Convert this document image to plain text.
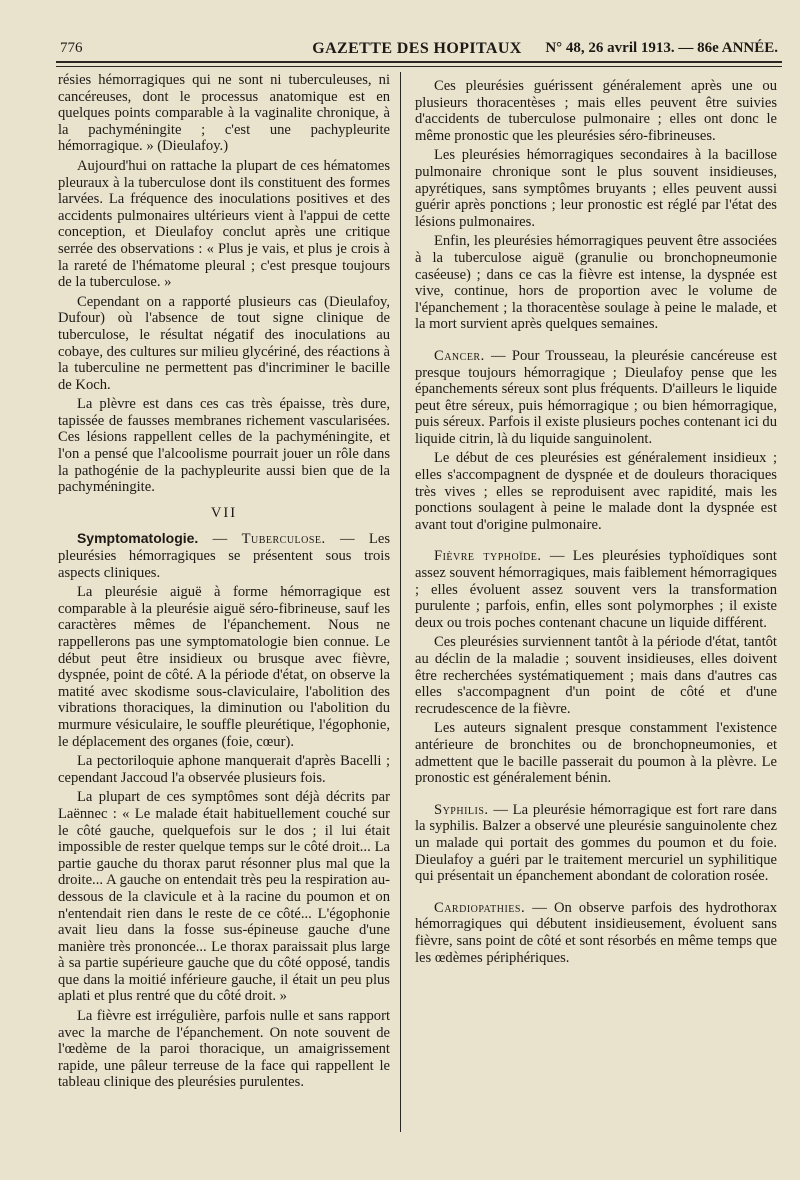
776	GAZETTE DES HOPITAUX	N° 48, 26 avril 1913. — 86e ANNÉE.

résies hémorragiques qui ne sont ni tuberculeuses, ni cancéreuses, dont le processus anatomique est en quelques points comparable à la vaginalite chronique, à la pachyméningite ; c'est une pachypleurite hémorragique. » (Dieulafoy.)

Aujourd'hui on rattache la plupart de ces hématomes pleuraux à la tuberculose dont ils constituent des formes larvées. La fréquence des inoculations positives et des accidents pulmonaires ultérieurs vient à l'appui de cette conception, et Dieulafoy conclut après une critique serrée des observations : « Plus je vais, et plus je crois à la rareté de l'hématome pleural ; c'est presque toujours de la tuberculose. »

Cependant on a rapporté plusieurs cas (Dieulafoy, Dufour) où l'absence de tout signe clinique de tuberculose, le résultat négatif des inoculations au cobaye, des cultures sur milieu glycériné, des réactions à la tuberculine ne permettent pas d'incriminer le bacille de Koch.

La plèvre est dans ces cas très épaisse, très dure, tapissée de fausses membranes richement vascularisées. Ces lésions rappellent celles de la pachyméningite, et l'on a pensé que l'alcoolisme pourrait jouer un rôle dans la pathogénie de la pachypleurite aussi bien que de la pachyméningite.

VII

Symptomatologie. — Tuberculose. — Les pleurésies hémorragiques se présentent sous trois aspects cliniques.

La pleurésie aiguë à forme hémorragique est comparable à la pleurésie aiguë séro-fibrineuse, sauf les caractères mêmes de l'épanchement. Nous ne rappellerons pas une symptomatologie bien connue. Le début peut être insidieux ou brusque avec fièvre, dyspnée, point de côté. A la période d'état, on observe la matité avec skodisme sous-claviculaire, l'abolition des vibrations thoraciques, la diminution ou l'abolition du murmure vésiculaire, le souffle pleurétique, l'égophonie, le déplacement des organes (foie, cœur).

La pectoriloquie aphone manquerait d'après Bacelli ; cependant Jaccoud l'a observée plusieurs fois.

La plupart de ces symptômes sont déjà décrits par Laënnec : « Le malade était habituellement couché sur le côté gauche, quelquefois sur le dos ; il lui était impossible de rester quelque temps sur le côté droit... La partie gauche du thorax parut résonner plus mal que la droite... A gauche on entendait très peu la respiration au-dessous de la clavicule et à la racine du poumon et on n'entendait rien dans le reste de ce côté... L'égophonie avait lieu dans la fosse sus-épineuse gauche d'une manière très prononcée... Le thorax paraissait plus large à sa partie supérieure gauche que du côté opposé, tandis que dans la moitié inférieure gauche, il était un peu plus aplati et plus rentré que du côté droit. »

La fièvre est irrégulière, parfois nulle et sans rapport avec la marche de l'épanchement. On note souvent de l'œdème de la paroi thoracique, un amaigrissement rapide, une pâleur terreuse de la face qui rappellent le tableau clinique des pleurésies purulentes.

Ces pleurésies guérissent généralement après une ou plusieurs thoracentèses ; mais elles peuvent être suivies d'accidents de tuberculose pulmonaire ; elles ont donc le même pronostic que les pleurésies séro-fibrineuses.

Les pleurésies hémorragiques secondaires à la bacillose pulmonaire chronique sont le plus souvent insidieuses, apyrétiques, sans symptômes bruyants ; elles peuvent aussi guérir après ponctions ; leur pronostic est réglé par l'état des lésions pulmonaires.

Enfin, les pleurésies hémorragiques peuvent être associées à la tuberculose aiguë (granulie ou bronchopneumonie caséeuse) ; dans ce cas la fièvre est intense, la dyspnée est vive, continue, hors de proportion avec le volume de l'épanchement ; la thoracentèse soulage à peine le malade, et la mort survient après quelques semaines.

Cancer. — Pour Trousseau, la pleurésie cancéreuse est presque toujours hémorragique ; Dieulafoy pense que les épanchements séreux sont plus fréquents. D'ailleurs le liquide peut être séreux, puis hémorragique ; ou bien hémorragique, puis séreux. Parfois il existe plusieurs poches contenant ici du liquide citrin, là du liquide sanguinolent.

Le début de ces pleurésies est généralement insidieux ; elles s'accompagnent de dyspnée et de douleurs thoraciques très vives ; elles se reproduisent avec rapidité, mais les ponctions soulagent à peine le malade dont la dyspnée est avant tout d'origine pulmonaire.

Fièvre typhoïde. — Les pleurésies typhoïdiques sont assez souvent hémorragiques, mais faiblement hémorragiques ; elles évoluent assez souvent vers la transformation purulente ; parfois, enfin, elles sont polymorphes ; il existe deux ou trois poches contenant chacune un liquide différent.

Ces pleurésies surviennent tantôt à la période d'état, tantôt au déclin de la maladie ; souvent insidieuses, elles doivent être recherchées systématiquement ; mais dans d'autres cas elles s'accompagnent d'un point de côté et d'une recrudescence de la fièvre.

Les auteurs signalent presque constamment l'existence antérieure de bronchites ou de bronchopneumonies, et admettent que le bacille passerait du poumon à la plèvre. Le pronostic est généralement bénin.

Syphilis. — La pleurésie hémorragique est fort rare dans la syphilis. Balzer a observé une pleurésie sanguinolente chez un malade qui portait des gommes du poumon et du foie. Dieulafoy a guéri par le traitement mercuriel un syphilitique qui présentait un épanchement abondant de coloration rosée.

Cardiopathies. — On observe parfois des hydrothorax hémorragiques qui débutent insidieusement, évoluent sans fièvre, sans point de côté et sont résorbés en même temps que les œdèmes périphériques.
